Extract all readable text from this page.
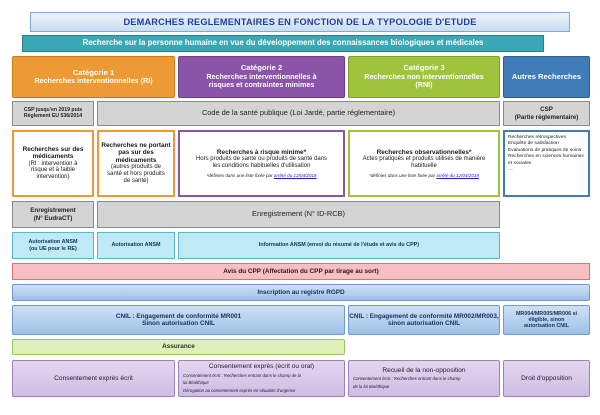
DEMARCHES REGLEMENTAIRES EN FONCTION DE LA TYPOLOGIE D'ETUDE
Recherche sur la personne humaine en vue du développement des connaissances biologiques et médicales
Catégorie 1
Recherches interventionnelles (RI)
Catégorie 2
Recherches interventionnelles à
risques et contraintes minimes
Catégorie 3
Recherches non interventionnelles
(RNI)
Autres Recherches
CSP jusqu'en 2019 puis
Règlement EU 536/2014	Code de la santé publique (Loi Jardé, partie réglementaire)	CSP
(Partie réglementaire)
Recherches sur des
médicaments
(RI : intervention à
risque et à faible
intervention)
Recherches ne portant
pas sur des
médicaments
(autres produits de
santé et hors produits
de santé)
Recherches à risque minime*
Hors produits de santé ou produits de santé dans
les conditions habituelles d'utilisation
*définies dans une liste fixée par arrêté du 12/04/2018
Recherches observationnelles*
Actes pratiqués et produits utilisés de manière
habituelle
*définies dans une liste fixée par arrêté du 12/04/2018
Recherches rétrospectives
Enquête de satisfaction
Evaluations de pratiques de soins
Recherches en sciences humaines et sociales
…
Enregistrement
(N° EudraCT)	Enregistrement (N° ID-RCB)
Autorisation ANSM
(ou UE pour le RE)
Autorisation ANSM	Information ANSM (envoi du résumé de l'étude et avis du CPP)
Avis du CPP (Affectation du CPP par tirage au sort)
Inscription au registre RGPD
CNIL : Engagement de conformité MR001
Sinon autorisation CNIL
CNIL : Engagement de conformité MR002/MR003,
sinon autorisation CNIL
MR004/MR005/MR006 si
éligible, sinon
autorisation CNIL
Assurance
Consentement exprès écrit
Consentement exprès (écrit ou oral)
Consentement écrit : Recherches entrant dans le champ de la
loi Bioéthique
Dérogation au consentement exprès en situation d'urgence
Recueil de la non-opposition
Consentement écrit : Recherches entrant dans le champ
de la loi Bioéthique
Droit d'opposition
